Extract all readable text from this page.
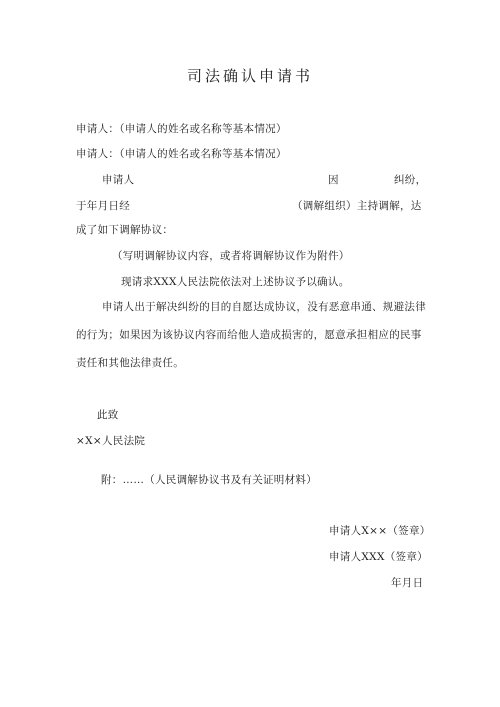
司法确认申请书
申请人：（申请人的姓名或名称等基本情况）
申请人：（申请人的姓名或名称等基本情况）
申请人	因	纠纷，
于年月日经	（调解组织）主持调解，达
成了如下调解协议：
（写明调解协议内容，或者将调解协议作为附件）
现请求XXX人民法院依法对上述协议予以确认。
申请人出于解决纠纷的目的自愿达成协议，没有恶意串通、规避法律
的行为；如果因为该协议内容而给他人造成损害的，愿意承担相应的民事
责任和其他法律责任。
此致
×X×人民法院
附：……（人民调解协议书及有关证明材料）
申请人X××（签章）
申请人XXX（签章）
年月日
